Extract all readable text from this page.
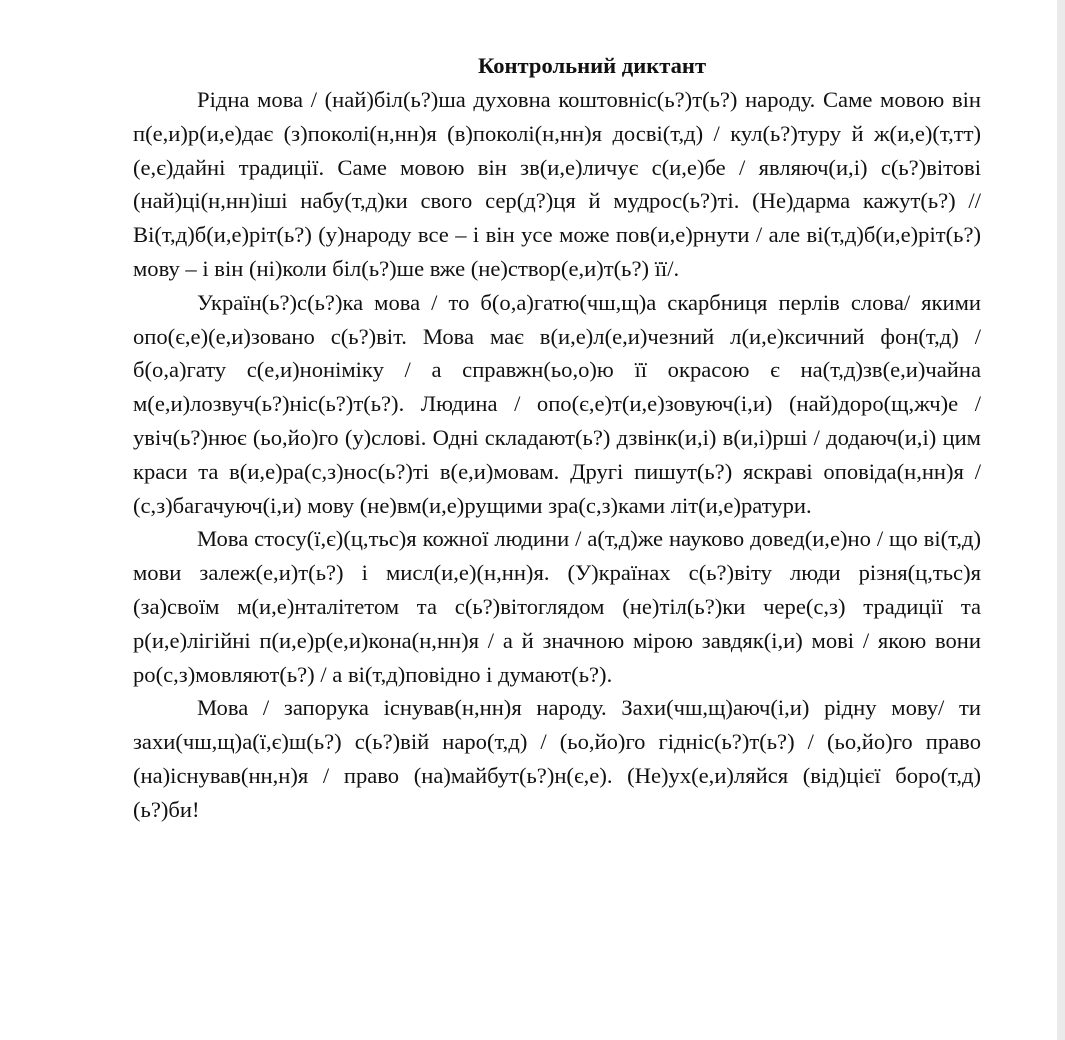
Контрольний диктант

Рідна мова / (най)біл(ь?)ша духовна коштовніс(ь?)т(ь?) народу. Саме мовою він п(е,и)р(и,е)дає (з)поколі(н,нн)я (в)поколі(н,нн)я досві(т,д) / кул(ь?)туру й ж(и,е)(т,тт)(е,є)дайні традиції. Саме мовою він зв(и,е)личує с(и,е)бе / являюч(и,і) с(ь?)вітові (най)ці(н,нн)іші набу(т,д)ки свого сер(д?)ця й мудрос(ь?)ті. (Не)дарма кажут(ь?) // Ві(т,д)б(и,е)ріт(ь?) (у)народу все – і він усе може пов(и,е)рнути / але ві(т,д)б(и,е)ріт(ь?) мову – і він (ні)коли біл(ь?)ше вже (не)створ(е,и)т(ь?) її/.

Україн(ь?)с(ь?)ка мова / то б(о,а)гатю(чш,щ)а скарбниця перлів слова/ якими опо(є,е)(е,и)зовано с(ь?)віт. Мова має в(и,е)л(е,и)чезний л(и,е)ксичний фон(т,д) / б(о,а)гату с(е,и)ноніміку / а справжн(ьо,о)ю її окрасою є на(т,д)зв(е,и)чайна м(е,и)лозвуч(ь?)ніс(ь?)т(ь?). Людина / опо(є,е)т(и,е)зовуюч(і,и) (най)доро(щ,жч)е / увіч(ь?)нює (ьо,йо)го (у)слові. Одні складают(ь?) дзвінк(и,і) в(и,і)рші / додаюч(и,і) цим краси та в(и,е)ра(с,з)нос(ь?)ті в(е,и)мовам. Другі пишут(ь?) яскраві оповіда(н,нн)я / (с,з)багачуюч(і,и) мову (не)вм(и,е)рущими зра(с,з)ками літ(и,е)ратури.

Мова стосу(ї,є)(ц,тьс)я кожної людини / а(т,д)же науково довед(и,е)но / що ві(т,д) мови залеж(е,и)т(ь?) і мисл(и,е)(н,нн)я. (У)країнах с(ь?)віту люди різня(ц,тьс)я (за)своїм м(и,е)нталітетом та с(ь?)вітоглядом (не)тіл(ь?)ки чере(с,з) традиції та р(и,е)лігійні п(и,е)р(е,и)кона(н,нн)я / а й значною мірою завдяк(і,и) мові / якою вони ро(с,з)мовляют(ь?) / а ві(т,д)повідно і думают(ь?).

Мова / запорука існував(н,нн)я народу. Захи(чш,щ)аюч(і,и) рідну мову/ ти захи(чш,щ)а(ї,є)ш(ь?) с(ь?)вій наро(т,д) / (ьо,йо)го гідніс(ь?)т(ь?) / (ьо,йо)го право (на)існував(нн,н)я / право (на)майбут(ь?)н(є,е). (Не)ух(е,и)ляйся (від)цієї боро(т,д)(ь?)би!
